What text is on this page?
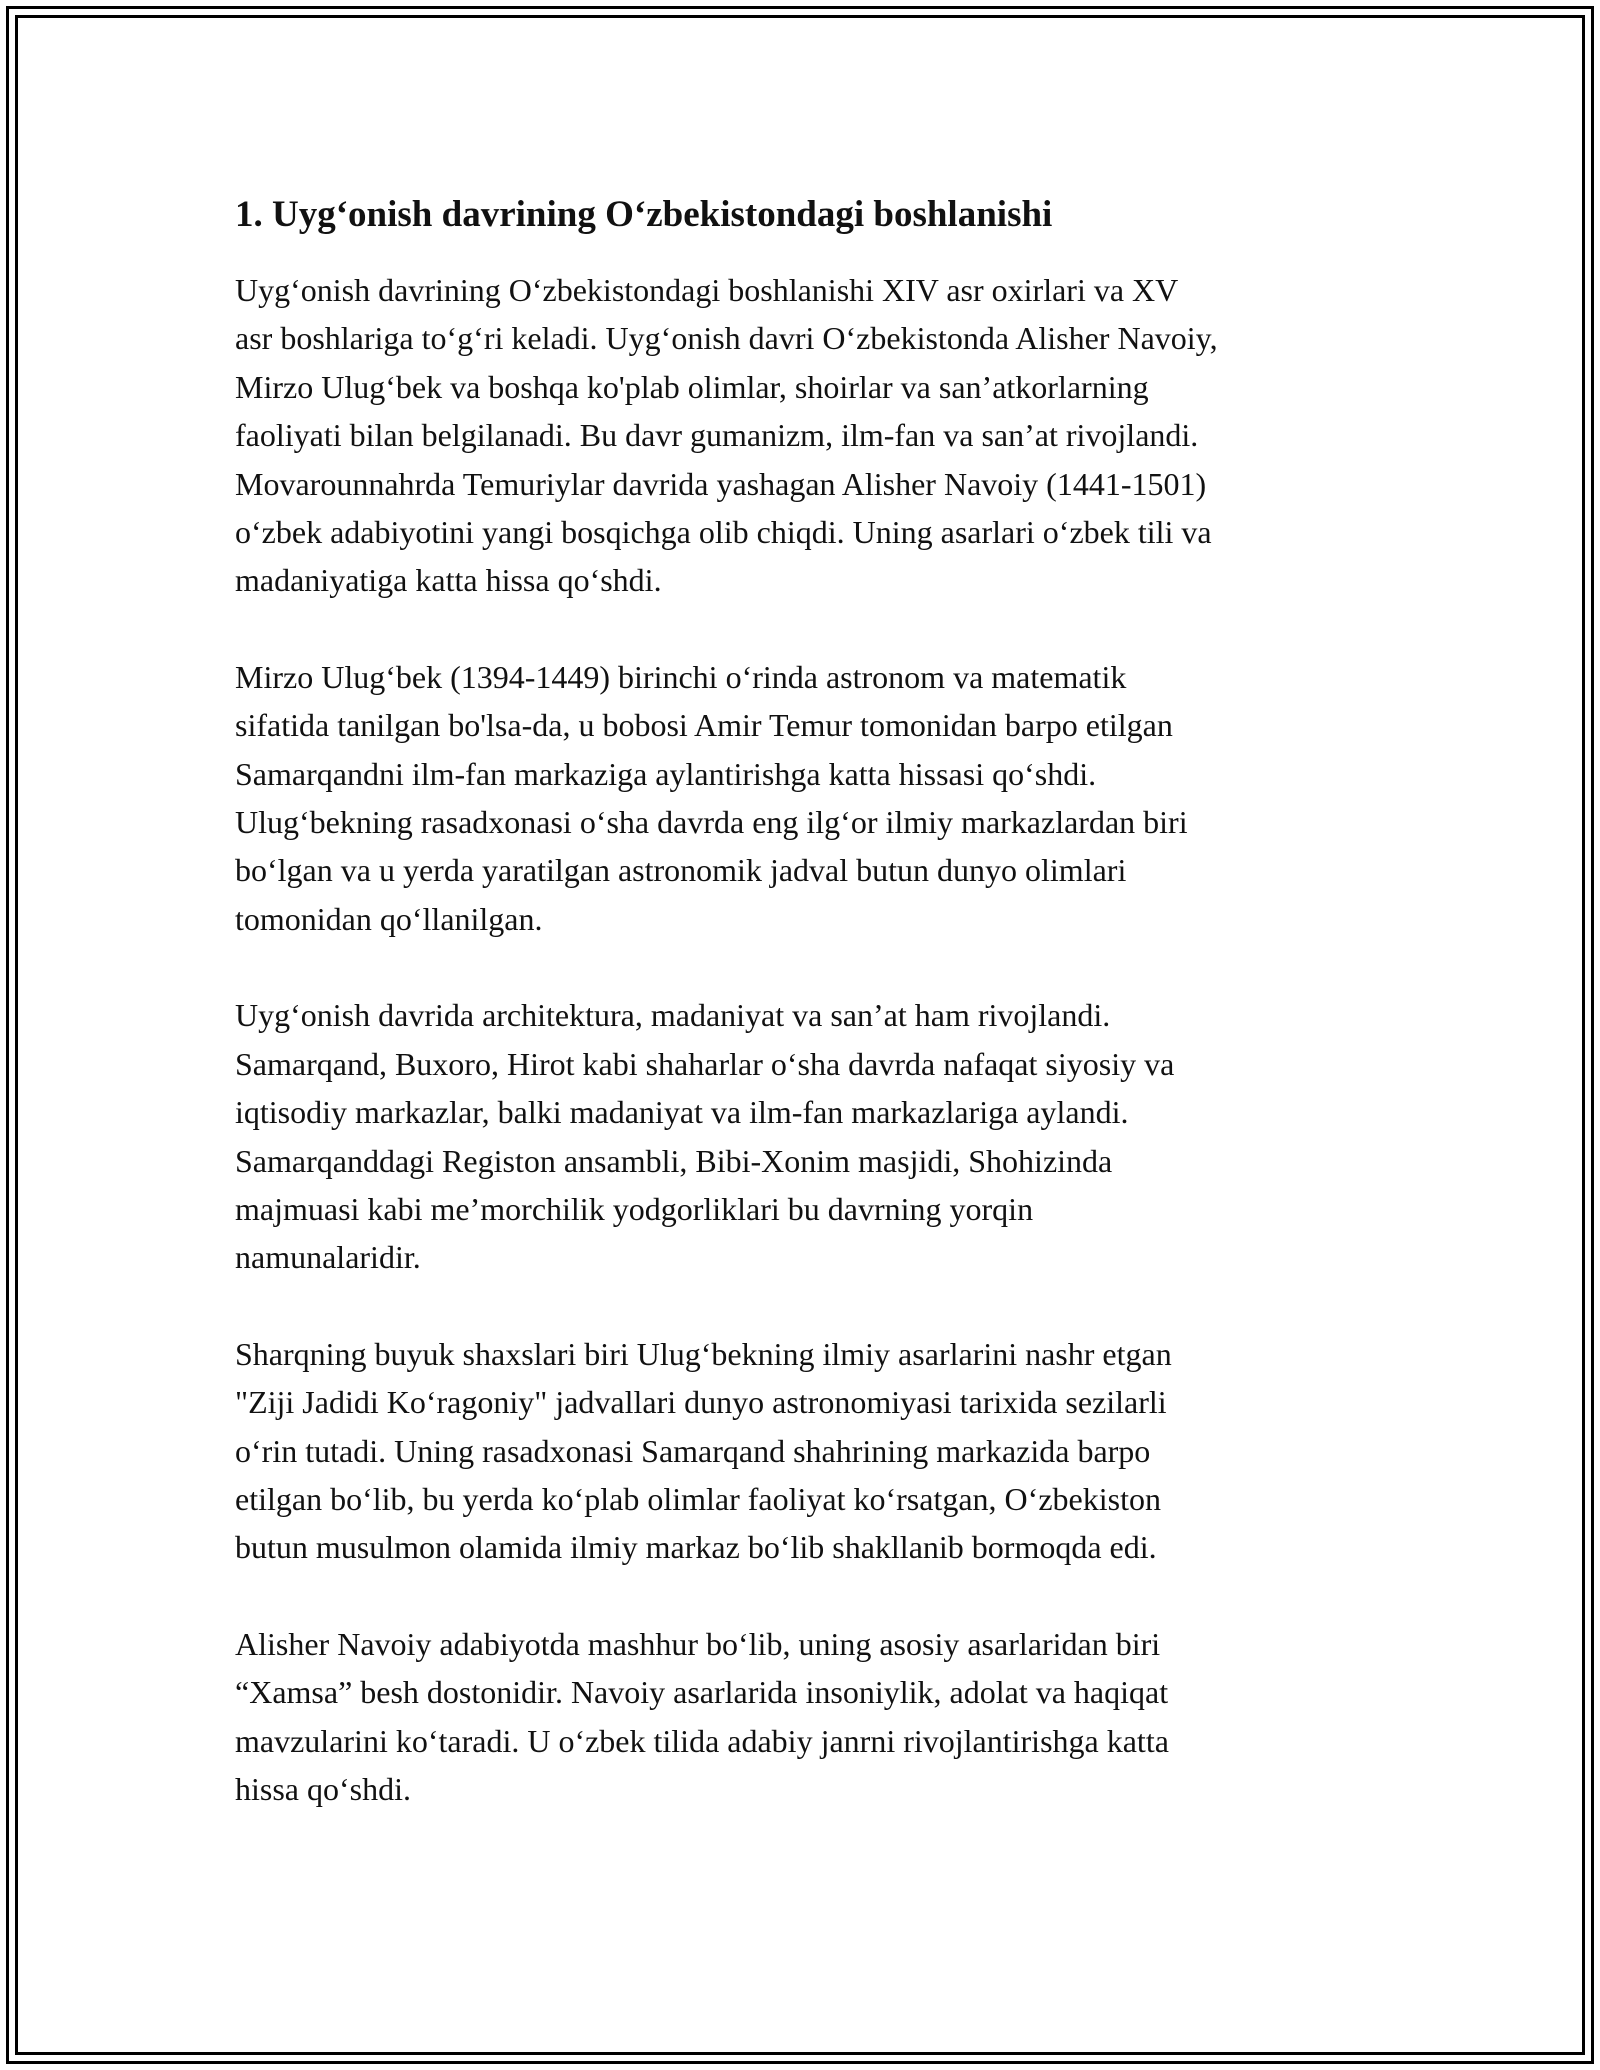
1. Uyg‘onish davrining O‘zbekistondagi boshlanishi

Uyg‘onish davrining O‘zbekistondagi boshlanishi XIV asr oxirlari va XV
asr boshlariga to‘g‘ri keladi. Uyg‘onish davri O‘zbekistonda Alisher Navoiy,
Mirzo Ulug‘bek va boshqa ko'plab olimlar, shoirlar va san’atkorlarning
faoliyati bilan belgilanadi. Bu davr gumanizm, ilm-fan va san’at rivojlandi.
Movarounnahrda Temuriylar davrida yashagan Alisher Navoiy (1441-1501)
o‘zbek adabiyotini yangi bosqichga olib chiqdi. Uning asarlari o‘zbek tili va
madaniyatiga katta hissa qo‘shdi.

Mirzo Ulug‘bek (1394-1449) birinchi o‘rinda astronom va matematik
sifatida tanilgan bo'lsa-da, u bobosi Amir Temur tomonidan barpo etilgan
Samarqandni ilm-fan markaziga aylantirishga katta hissasi qo‘shdi.
Ulug‘bekning rasadxonasi o‘sha davrda eng ilg‘or ilmiy markazlardan biri
bo‘lgan va u yerda yaratilgan astronomik jadval butun dunyo olimlari
tomonidan qo‘llanilgan.

Uyg‘onish davrida architektura, madaniyat va san’at ham rivojlandi.
Samarqand, Buxoro, Hirot kabi shaharlar o‘sha davrda nafaqat siyosiy va
iqtisodiy markazlar, balki madaniyat va ilm-fan markazlariga aylandi.
Samarqanddagi Registon ansambli, Bibi-Xonim masjidi, Shohizinda
majmuasi kabi me’morchilik yodgorliklari bu davrning yorqin
namunalaridir.

Sharqning buyuk shaxslari biri Ulug‘bekning ilmiy asarlarini nashr etgan
"Ziji Jadidi Ko‘ragoniy" jadvallari dunyo astronomiyasi tarixida sezilarli
o‘rin tutadi. Uning rasadxonasi Samarqand shahrining markazida barpo
etilgan bo‘lib, bu yerda ko‘plab olimlar faoliyat ko‘rsatgan, O‘zbekiston
butun musulmon olamida ilmiy markaz bo‘lib shakllanib bormoqda edi.

Alisher Navoiy adabiyotda mashhur bo‘lib, uning asosiy asarlaridan biri
“Xamsa” besh dostonidir. Navoiy asarlarida insoniylik, adolat va haqiqat
mavzularini ko‘taradi. U o‘zbek tilida adabiy janrni rivojlantirishga katta
hissa qo‘shdi.
